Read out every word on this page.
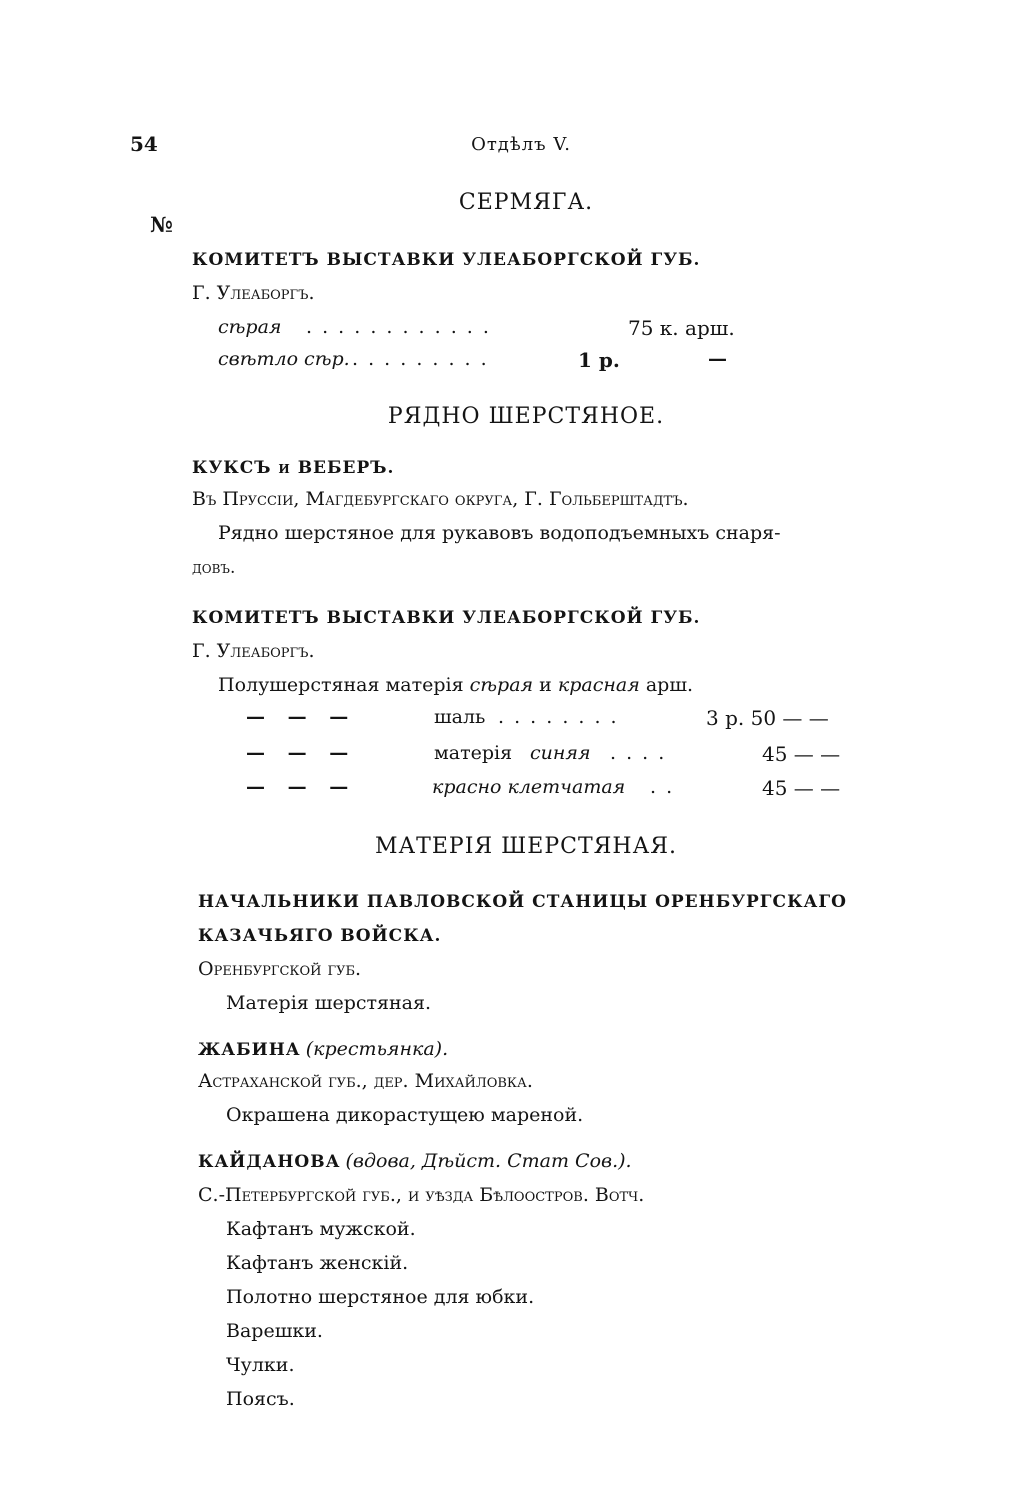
54	Отдѣлъ V.
№
СЕРМЯГА.
КОМИТЕТЪ ВЫСТАВКИ УЛЕАБОРГСКОЙ ГУБ.
Г. Улеаборгъ.
сѣрая . . . . . . . . . . . .	75 к. арш.
свѣтло сѣр. . . . . . . . . .	1 р.	—
РЯДНО ШЕРСТЯНОЕ.
КУКСЪ и ВЕБЕРЪ.
Въ Пруссіи, Магдебургскаго округа, Г. Гольберштадтъ.
Рядно шерстяное для рукавовъ водоподъемныхъ снаря-
довъ.
КОМИТЕТЪ ВЫСТАВКИ УЛЕАБОРГСКОЙ ГУБ.
Г. Улеаборгъ.
Полушерстяная матерія сѣрая и красная арш.
— — —	шаль . . . . . . . .	3 р. 50 — —
— — —	матерія синяя . . . .	45 — —
— — —	красно клетчатая . .	45 — —
МАТЕРІЯ ШЕРСТЯНАЯ.
НАЧАЛЬНИКИ ПАВЛОВСКОЙ СТАНИЦЫ ОРЕНБУРГСКАГО
КАЗАЧЬЯГО ВОЙСКА.
Оренбургской губ.
Матерія шерстяная.
ЖАБИНА (крестьянка).
Астраханской губ., дер. Михайловка.
Окрашена дикорастущею мареной.
КАЙДАНОВА (вдова, Дѣйст. Стат Сов.).
С.-Петербургской губ., и уѣзда Бѣлоостров. Вотч.
Кафтанъ мужской.
Кафтанъ женскій.
Полотно шерстяное для юбки.
Варешки.
Чулки.
Поясъ.
